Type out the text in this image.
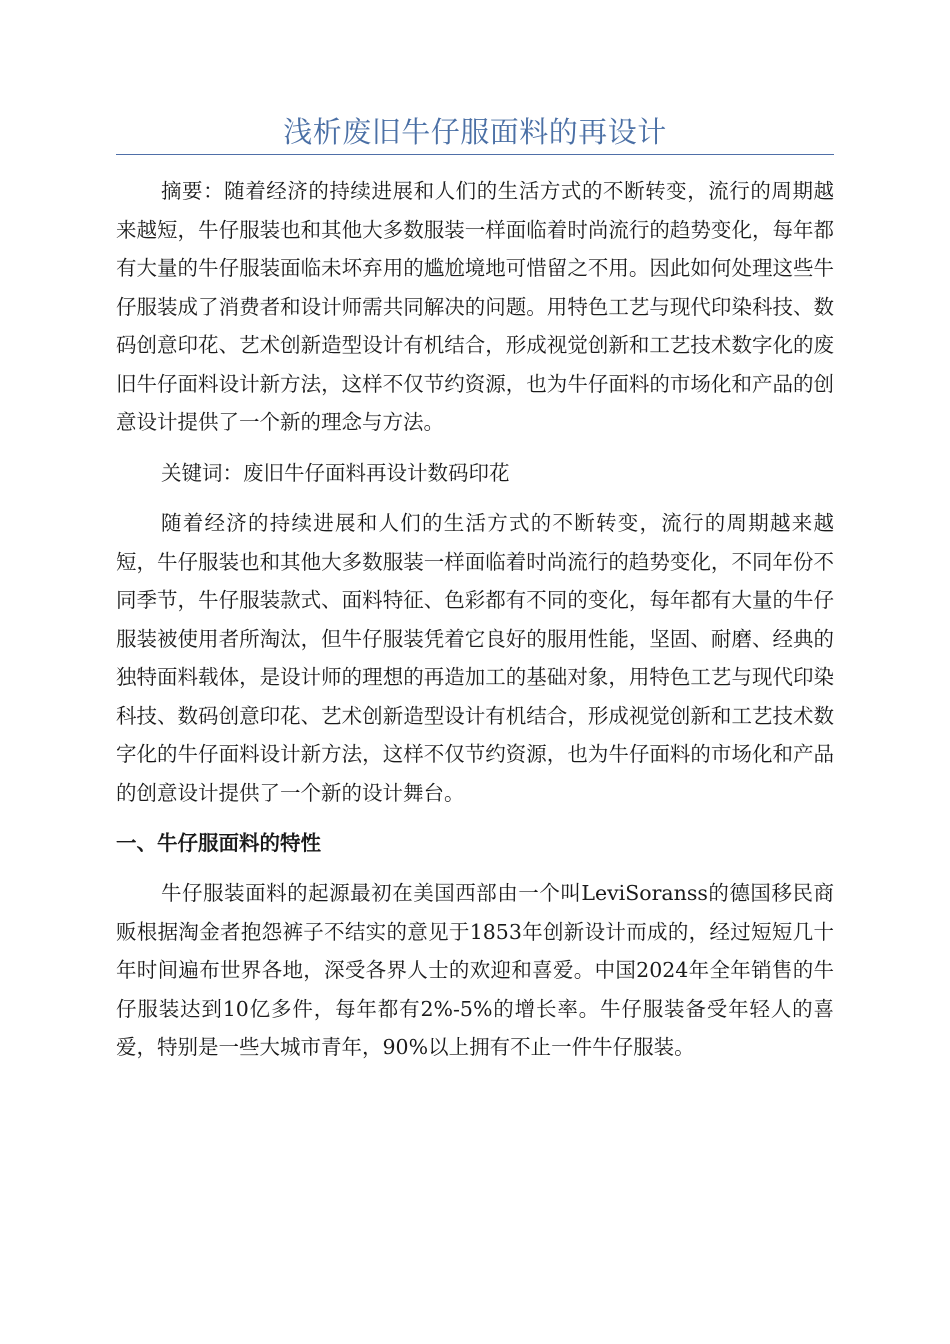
浅析废旧牛仔服面料的再设计

摘要：随着经济的持续进展和人们的生活方式的不断转变，流行的周期越来越短，牛仔服装也和其他大多数服装一样面临着时尚流行的趋势变化，每年都有大量的牛仔服装面临未坏弃用的尴尬境地可惜留之不用。因此如何处理这些牛仔服装成了消费者和设计师需共同解决的问题。用特色工艺与现代印染科技、数码创意印花、艺术创新造型设计有机结合，形成视觉创新和工艺技术数字化的废旧牛仔面料设计新方法，这样不仅节约资源，也为牛仔面料的市场化和产品的创意设计提供了一个新的理念与方法。

关键词：废旧牛仔面料再设计数码印花

随着经济的持续进展和人们的生活方式的不断转变，流行的周期越来越短，牛仔服装也和其他大多数服装一样面临着时尚流行的趋势变化，不同年份不同季节，牛仔服装款式、面料特征、色彩都有不同的变化，每年都有大量的牛仔服装被使用者所淘汰，但牛仔服装凭着它良好的服用性能，坚固、耐磨、经典的独特面料载体，是设计师的理想的再造加工的基础对象，用特色工艺与现代印染科技、数码创意印花、艺术创新造型设计有机结合，形成视觉创新和工艺技术数字化的牛仔面料设计新方法，这样不仅节约资源，也为牛仔面料的市场化和产品的创意设计提供了一个新的设计舞台。

一、牛仔服面料的特性

牛仔服装面料的起源最初在美国西部由一个叫LeviSoranss的德国移民商贩根据淘金者抱怨裤子不结实的意见于1853年创新设计而成的，经过短短几十年时间遍布世界各地，深受各界人士的欢迎和喜爱。中国2024年全年销售的牛仔服装达到10亿多件，每年都有2%-5%的增长率。牛仔服装备受年轻人的喜爱，特别是一些大城市青年，90%以上拥有不止一件牛仔服装。
